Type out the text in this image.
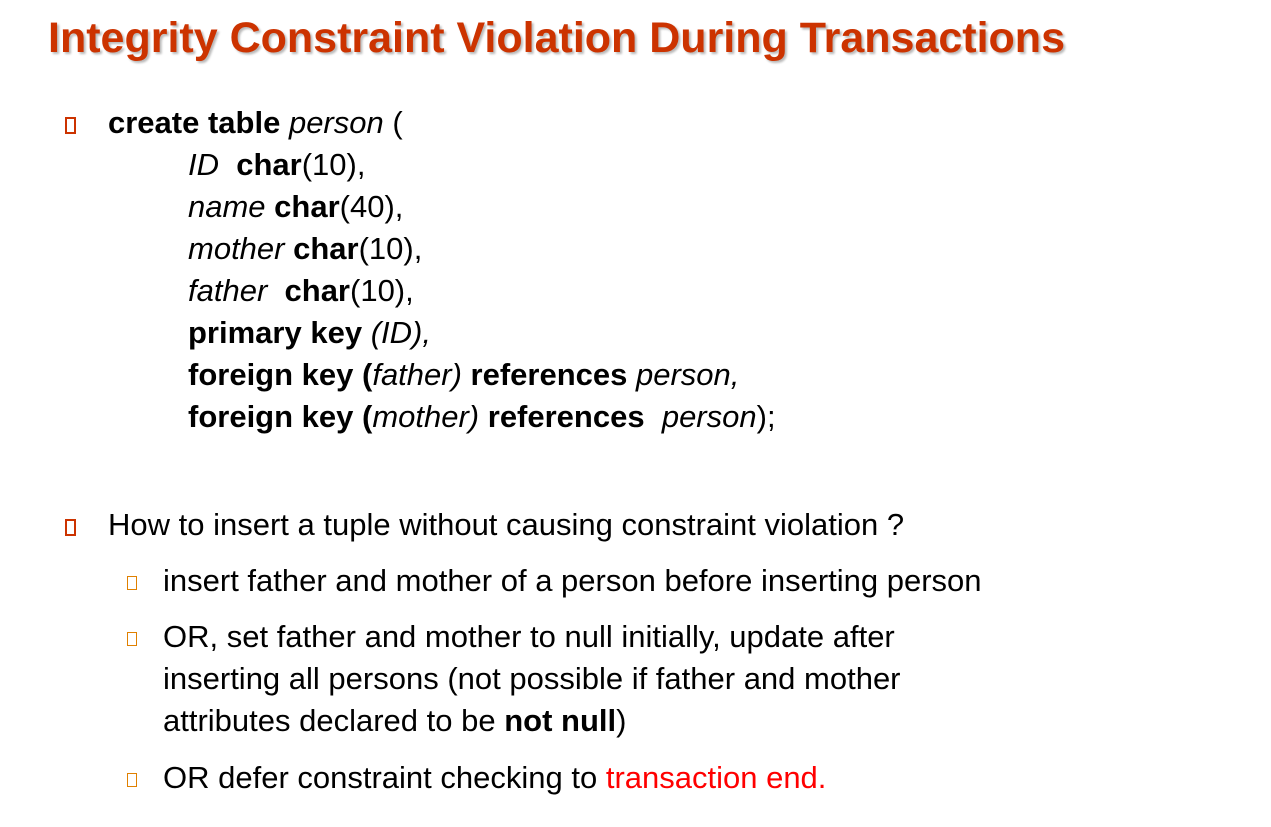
Integrity Constraint Violation During Transactions
create table person (
ID char(10),
name char(40),
mother char(10),
father char(10),
primary key (ID),
foreign key (father) references person,
foreign key (mother) references  person);
How to insert a tuple without causing constraint violation ?
insert father and mother of a person before inserting person
OR, set father and mother to null initially, update after
inserting all persons (not possible if father and mother
attributes declared to be not null)
OR defer constraint checking to transaction end.
